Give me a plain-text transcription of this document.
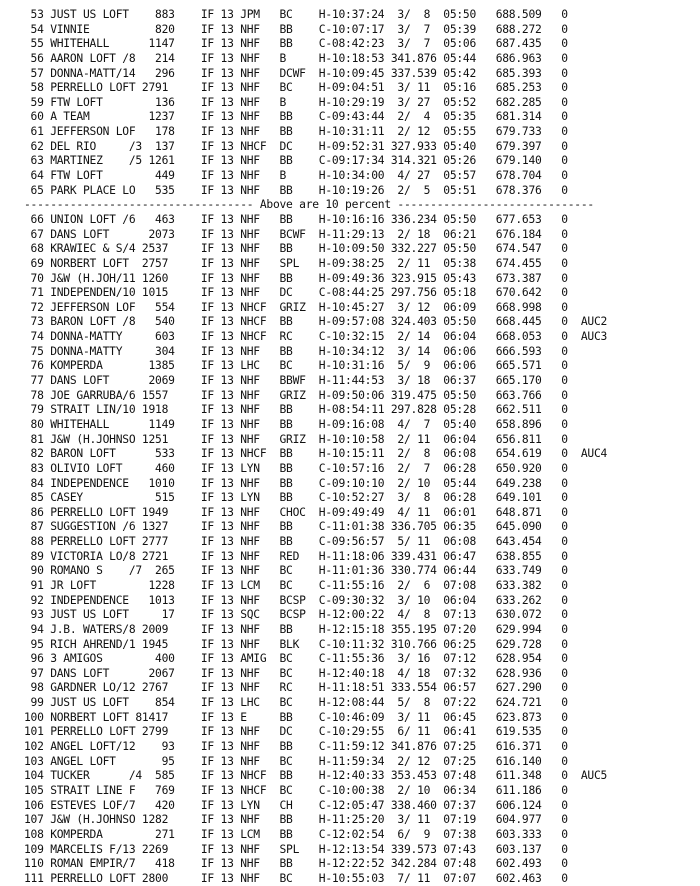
53 JUST US LOFT    883    IF 13 JPM   BC    H-10:37:24  3/  8  05:50   688.509   0
54 VINNIE          820    IF 13 NHF   BB    C-10:07:17  3/  7  05:39   688.272   0
55 WHITEHALL      1147    IF 13 NHF   BB    C-08:42:23  3/  7  05:06   687.435   0
56 AARON LOFT /8   214    IF 13 NHF   B     H-10:18:53 341.876 05:44   686.963   0
57 DONNA-MATT/14   296    IF 13 NHF   DCWF  H-10:09:45 337.539 05:42   685.393   0
58 PERRELLO LOFT 2791     IF 13 NHF   BC    H-09:04:51  3/ 11  05:16   685.253   0
59 FTW LOFT        136    IF 13 NHF   B     H-10:29:19  3/ 27  05:52   682.285   0
60 A TEAM         1237    IF 13 NHF   BB    C-09:43:44  2/  4  05:35   681.314   0
61 JEFFERSON LOF   178    IF 13 NHF   BB    H-10:31:11  2/ 12  05:55   679.733   0
62 DEL RIO     /3  137    IF 13 NHCF  DC    H-09:52:31 327.933 05:40   679.397   0
63 MARTINEZ    /5 1261    IF 13 NHF   BB    C-09:17:34 314.321 05:26   679.140   0
64 FTW LOFT        449    IF 13 NHF   B     H-10:34:00  4/ 27  05:57   678.704   0
65 PARK PLACE LO   535    IF 13 NHF   BB    H-10:19:26  2/  5  05:51   678.376   0
----------------------------------- Above are 10 percent ------------------------------
66 UNION LOFT /6   463    IF 13 NHF   BB    H-10:16:16 336.234 05:50   677.653   0
67 DANS LOFT      2073    IF 13 NHF   BCWF  H-11:29:13  2/ 18  06:21   676.184   0
68 KRAWIEC & S/4 2537     IF 13 NHF   BB    H-10:09:50 332.227 05:50   674.547   0
69 NORBERT LOFT  2757     IF 13 NHF   SPL   H-09:38:25  2/ 11  05:38   674.455   0
70 J&W (H.JOH/11 1260     IF 13 NHF   BB    H-09:49:36 323.915 05:43   673.387   0
71 INDEPENDEN/10 1015     IF 13 NHF   DC    C-08:44:25 297.756 05:18   670.642   0
72 JEFFERSON LOF   554    IF 13 NHCF  GRIZ  H-10:45:27  3/ 12  06:09   668.998   0
73 BARON LOFT /8   540    IF 13 NHCF  BB    H-09:57:08 324.403 05:50   668.445   0  AUC2
74 DONNA-MATTY     603    IF 13 NHCF  RC    C-10:32:15  2/ 14  06:04   668.053   0  AUC3
75 DONNA-MATTY     304    IF 13 NHF   BB    H-10:34:12  3/ 14  06:06   666.593   0
76 KOMPERDA       1385    IF 13 LHC   BC    H-10:31:16  5/  9  06:06   665.571   0
77 DANS LOFT      2069    IF 13 NHF   BBWF  H-11:44:53  3/ 18  06:37   665.170   0
78 JOE GARRUBA/6 1557     IF 13 NHF   GRIZ  H-09:50:06 319.475 05:50   663.766   0
79 STRAIT LIN/10 1918     IF 13 NHF   BB    H-08:54:11 297.828 05:28   662.511   0
80 WHITEHALL      1149    IF 13 NHF   BB    H-09:16:08  4/  7  05:40   658.896   0
81 J&W (H.JOHNSO 1251     IF 13 NHF   GRIZ  H-10:10:58  2/ 11  06:04   656.811   0
82 BARON LOFT      533    IF 13 NHCF  BB    H-10:15:11  2/  8  06:08   654.619   0  AUC4
83 OLIVIO LOFT     460    IF 13 LYN   BB    C-10:57:16  2/  7  06:28   650.920   0
84 INDEPENDENCE   1010    IF 13 NHF   BB    C-09:10:10  2/ 10  05:44   649.238   0
85 CASEY           515    IF 13 LYN   BB    C-10:52:27  3/  8  06:28   649.101   0
86 PERRELLO LOFT 1949     IF 13 NHF   CHOC  H-09:49:49  4/ 11  06:01   648.871   0
87 SUGGESTION /6 1327     IF 13 NHF   BB    C-11:01:38 336.705 06:35   645.090   0
88 PERRELLO LOFT 2777     IF 13 NHF   BB    C-09:56:57  5/ 11  06:08   643.454   0
89 VICTORIA LO/8 2721     IF 13 NHF   RED   H-11:18:06 339.431 06:47   638.855   0
90 ROMANO S    /7  265    IF 13 NHF   BC    H-11:01:36 330.774 06:44   633.749   0
91 JR LOFT        1228    IF 13 LCM   BC    C-11:55:16  2/  6  07:08   633.382   0
92 INDEPENDENCE   1013    IF 13 NHF   BCSP  C-09:30:32  3/ 10  06:04   633.262   0
93 JUST US LOFT     17    IF 13 SQC   BCSP  H-12:00:22  4/  8  07:13   630.072   0
94 J.B. WATERS/8 2009     IF 13 NHF   BB    H-12:15:18 355.195 07:20   629.994   0
95 RICH AHREND/1 1945     IF 13 NHF   BLK   C-10:11:32 310.766 06:25   629.728   0
96 3 AMIGOS        400    IF 13 AMIG  BC    C-11:55:36  3/ 16  07:12   628.954   0
97 DANS LOFT      2067    IF 13 NHF   BC    H-12:40:18  4/ 18  07:32   628.936   0
98 GARDNER LO/12 2767     IF 13 NHF   RC    H-11:18:51 333.554 06:57   627.290   0
99 JUST US LOFT    854    IF 13 LHC   BC    H-12:08:44  5/  8  07:22   624.721   0
100 NORBERT LOFT 81417     IF 13 E     BB    C-10:46:09  3/ 11  06:45   623.873   0
101 PERRELLO LOFT 2799     IF 13 NHF   DC    C-10:29:55  6/ 11  06:41   619.535   0
102 ANGEL LOFT/12    93    IF 13 NHF   BB    C-11:59:12 341.876 07:25   616.371   0
103 ANGEL LOFT       95    IF 13 NHF   BC    H-11:59:34  2/ 12  07:25   616.140   0
104 TUCKER      /4  585    IF 13 NHCF  BB    H-12:40:33 353.453 07:48   611.348   0  AUC5
105 STRAIT LINE F   769    IF 13 NHCF  BC    C-10:00:38  2/ 10  06:34   611.186   0
106 ESTEVES LOF/7   420    IF 13 LYN   CH    C-12:05:47 338.460 07:37   606.124   0
107 J&W (H.JOHNSO 1282     IF 13 NHF   BB    H-11:25:20  3/ 11  07:19   604.977   0
108 KOMPERDA        271    IF 13 LCM   BB    C-12:02:54  6/  9  07:38   603.333   0
109 MARCELIS F/13 2269     IF 13 NHF   SPL   H-12:13:54 339.573 07:43   603.137   0
110 ROMAN EMPIR/7   418    IF 13 NHF   BB    H-12:22:52 342.284 07:48   602.493   0
111 PERRELLO LOFT 2800     IF 13 NHF   BC    H-10:55:03  7/ 11  07:07   602.463   0
